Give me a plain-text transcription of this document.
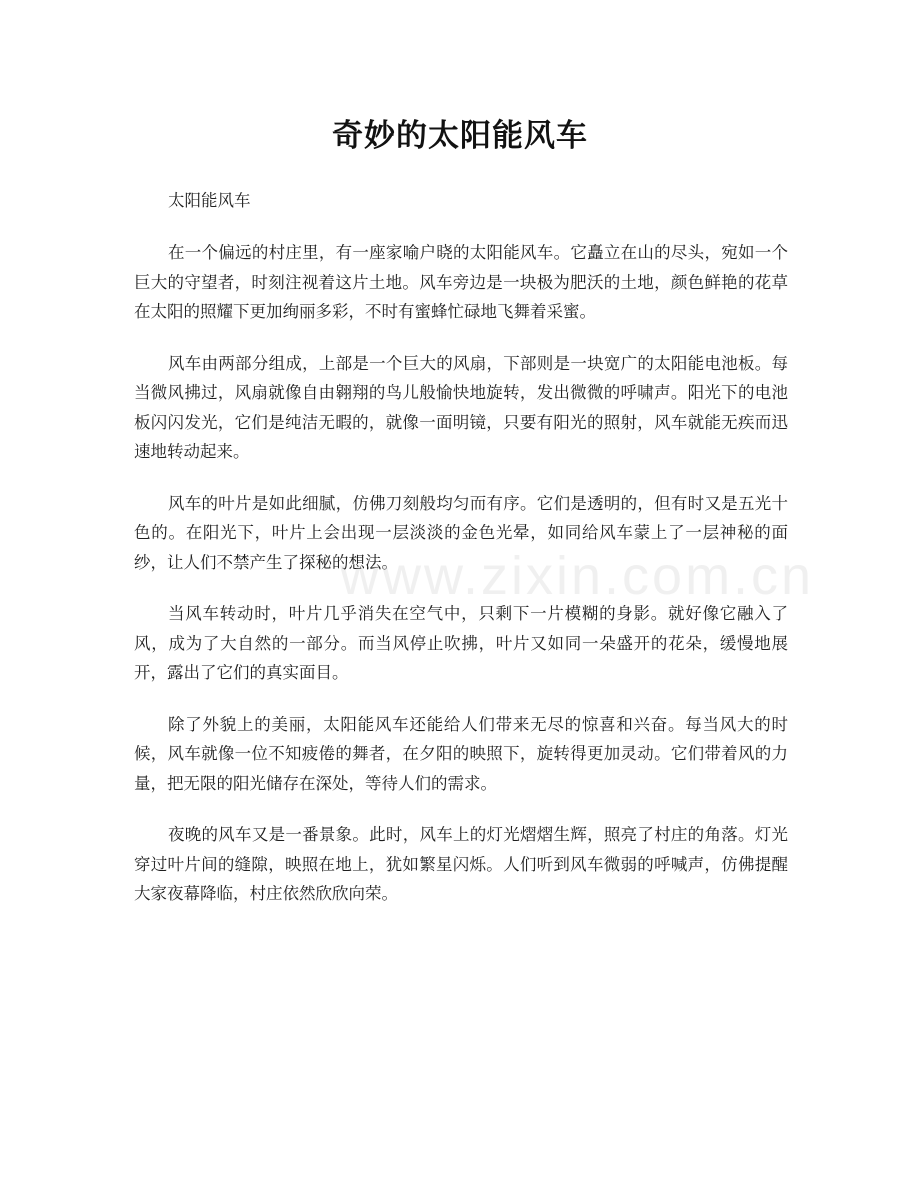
奇妙的太阳能风车

太阳能风车

在一个偏远的村庄里，有一座家喻户晓的太阳能风车。它矗立在山的尽头，宛如一个巨大的守望者，时刻注视着这片土地。风车旁边是一块极为肥沃的土地，颜色鲜艳的花草在太阳的照耀下更加绚丽多彩，不时有蜜蜂忙碌地飞舞着采蜜。

风车由两部分组成，上部是一个巨大的风扇，下部则是一块宽广的太阳能电池板。每当微风拂过，风扇就像自由翱翔的鸟儿般愉快地旋转，发出微微的呼啸声。阳光下的电池板闪闪发光，它们是纯洁无暇的，就像一面明镜，只要有阳光的照射，风车就能无疾而迅速地转动起来。

风车的叶片是如此细腻，仿佛刀刻般均匀而有序。它们是透明的，但有时又是五光十色的。在阳光下，叶片上会出现一层淡淡的金色光晕，如同给风车蒙上了一层神秘的面纱，让人们不禁产生了探秘的想法。

当风车转动时，叶片几乎消失在空气中，只剩下一片模糊的身影。就好像它融入了风，成为了大自然的一部分。而当风停止吹拂，叶片又如同一朵盛开的花朵，缓慢地展开，露出了它们的真实面目。

除了外貌上的美丽，太阳能风车还能给人们带来无尽的惊喜和兴奋。每当风大的时候，风车就像一位不知疲倦的舞者，在夕阳的映照下，旋转得更加灵动。它们带着风的力量，把无限的阳光储存在深处，等待人们的需求。

夜晚的风车又是一番景象。此时，风车上的灯光熠熠生辉，照亮了村庄的角落。灯光穿过叶片间的缝隙，映照在地上，犹如繁星闪烁。人们听到风车微弱的呼喊声，仿佛提醒大家夜幕降临，村庄依然欣欣向荣。

www.zixin.com.cn
